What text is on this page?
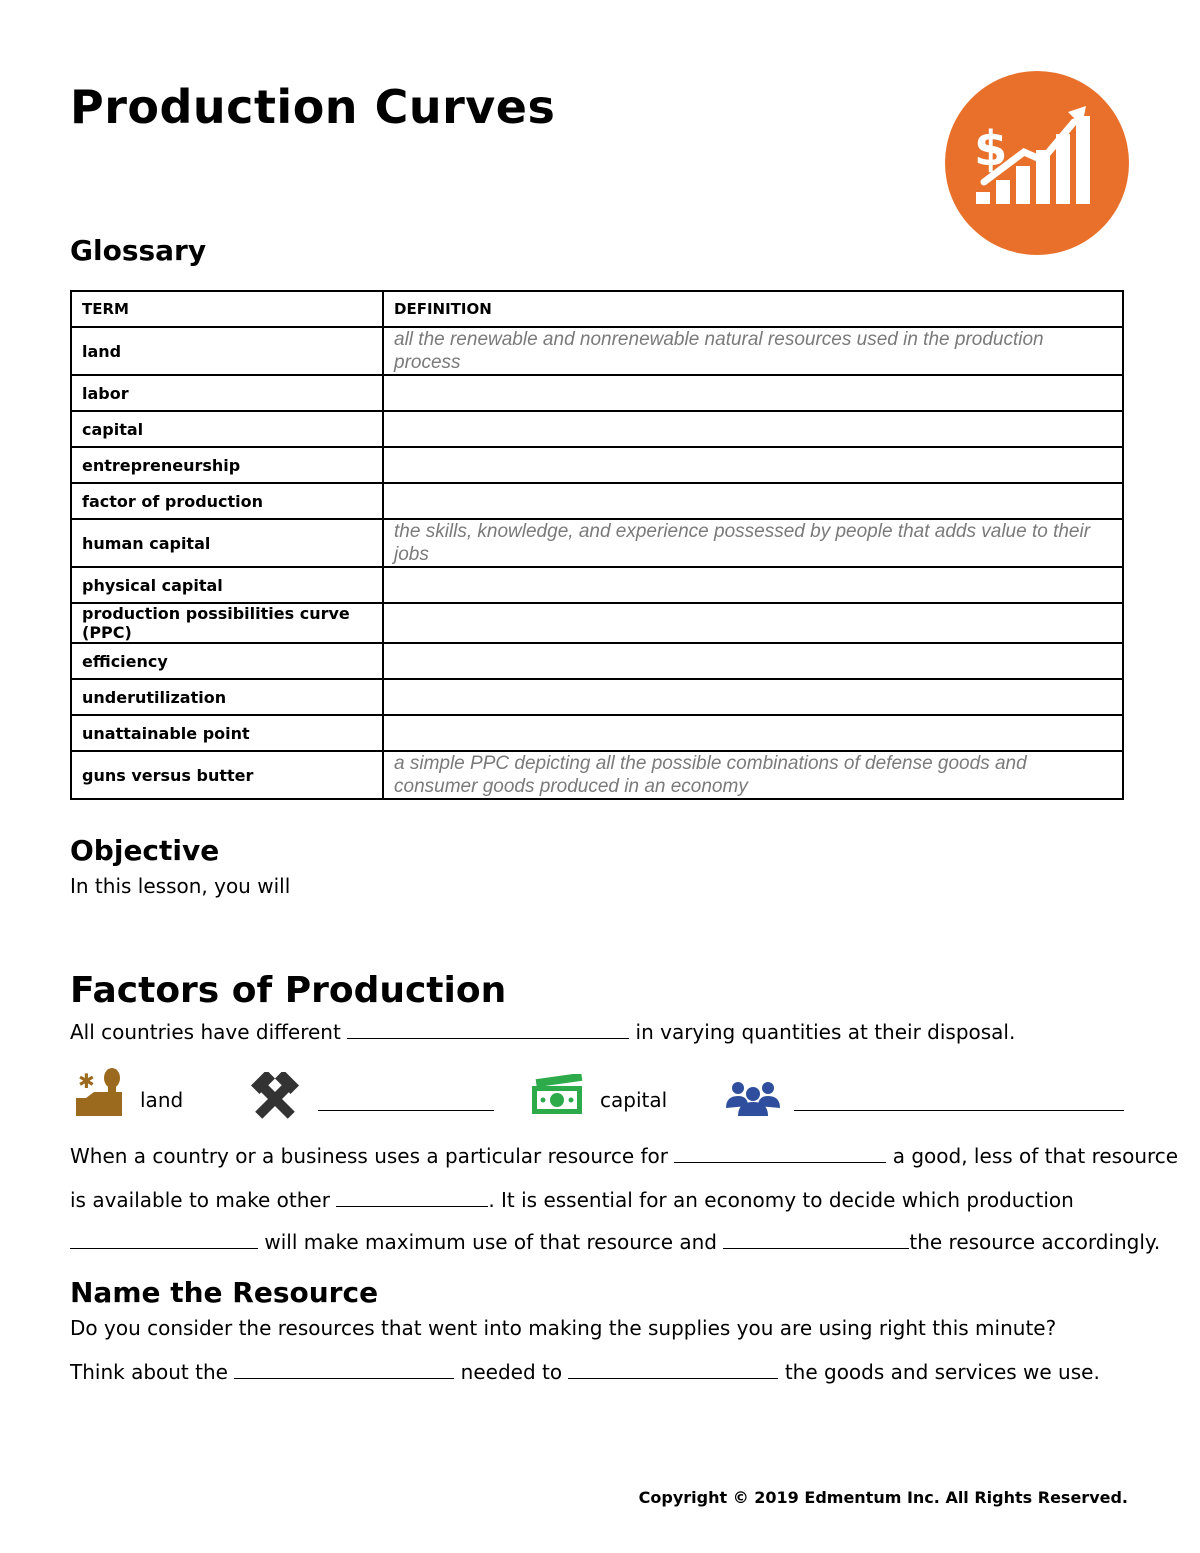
Production Curves
$
Glossary
TERM	DEFINITION
land	all the renewable and nonrenewable natural resources used in the production process
labor	
capital	
entrepreneurship	
factor of production	
human capital	the skills, knowledge, and experience possessed by people that adds value to their jobs
physical capital	
production possibilities curve (PPC)	
efficiency	
underutilization	
unattainable point	
guns versus butter	a simple PPC depicting all the possible combinations of defense goods and consumer goods produced in an economy
Objective
In this lesson, you will
Factors of Production
All countries have different	in varying quantities at their disposal.
✱
land	capital
When a country or a business uses a particular resource for	a good, less of that resource
is available to make other	. It is essential for an economy to decide which production
will make maximum use of that resource and	the resource accordingly.
Name the Resource
Do you consider the resources that went into making the supplies you are using right this minute?
Think about the	needed to	the goods and services we use.
Copyright © 2019 Edmentum Inc. All Rights Reserved.
